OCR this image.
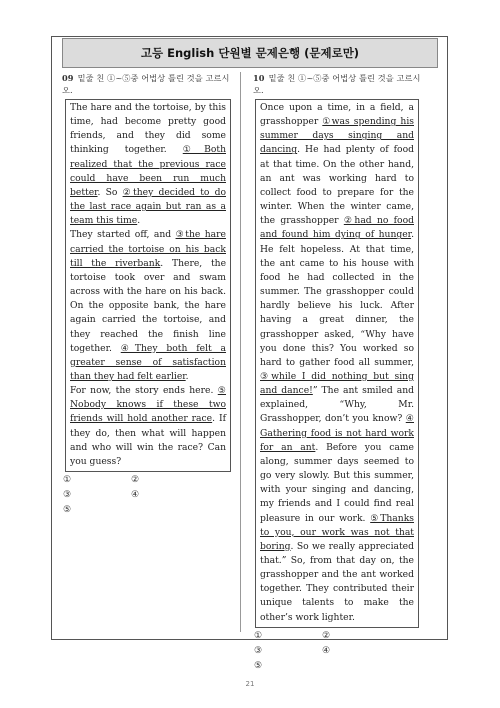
고등 English 단원별 문제은행 (문제로만)
09 밑줄 친 ①~⑤중 어법상 틀린 것을 고르시오.

The hare and the tortoise, by this time, had become pretty good friends, and they did some thinking together. ①Both realized that the previous race could have been run much better. So ②they decided to do the last race again but ran as a team this time.

They started off, and ③the hare carried the tortoise on his back till the riverbank. There, the tortoise took over and swam across with the hare on his back. On the opposite bank, the hare again carried the tortoise, and they reached the finish line together. ④They both felt a greater sense of satisfaction than they had felt earlier.

For now, the story ends here. ⑤ Nobody knows if these two friends will hold another race. If they do, then what will happen and who will win the race? Can you guess?

①	②
③	④
⑤
10 밑줄 친 ①~⑤중 어법상 틀린 것을 고르시오.

Once upon a time, in a field, a grasshopper ①was spending his summer days singing and dancing. He had plenty of food at that time. On the other hand, an ant was working hard to collect food to prepare for the winter. When the winter came, the grasshopper ②had no food and found him dying of hunger. He felt hopeless. At that time, the ant came to his house with food he had collected in the summer. The grasshopper could hardly believe his luck. After having a great dinner, the grasshopper asked, “Why have you done this? You worked so hard to gather food all summer, ③while I did nothing but sing and dance!” The ant smiled and explained, “Why, Mr. Grasshopper, don’t you know? ④ Gathering food is not hard work for an ant. Before you came along, summer days seemed to go very slowly. But this summer, with your singing and dancing, my friends and I could find real pleasure in our work. ⑤Thanks to you, our work was not that boring. So we really appreciated that.” So, from that day on, the grasshopper and the ant worked together. They contributed their unique talents to make the other’s work lighter.

①	②
③	④
⑤
21
